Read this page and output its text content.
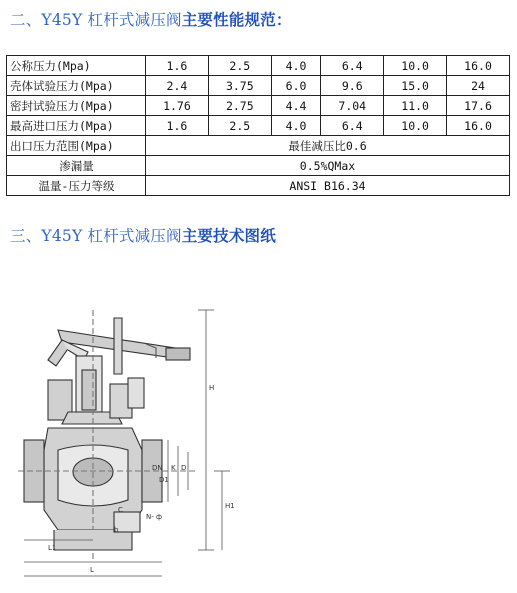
二、Y45Y 杠杆式减压阀主要性能规范：
公称压力(Mpa)	1.6	2.5	4.0	6.4	10.0	16.0
壳体试验压力(Mpa)	2.4	3.75	6.0	9.6	15.0	24
密封试验压力(Mpa)	1.76	2.75	4.4	7.04	11.0	17.6
最高进口压力(Mpa)	1.6	2.5	4.0	6.4	10.0	16.0
出口压力范围(Mpa)	最佳减压比0.6					
渗漏量	0.5%QMax					
温量-压力等级	ANSI B16.34					
三、Y45Y 杠杆式减压阀主要技术图纸
H
H1
K D
DN
D1
C
b
N- ф
L
L1
